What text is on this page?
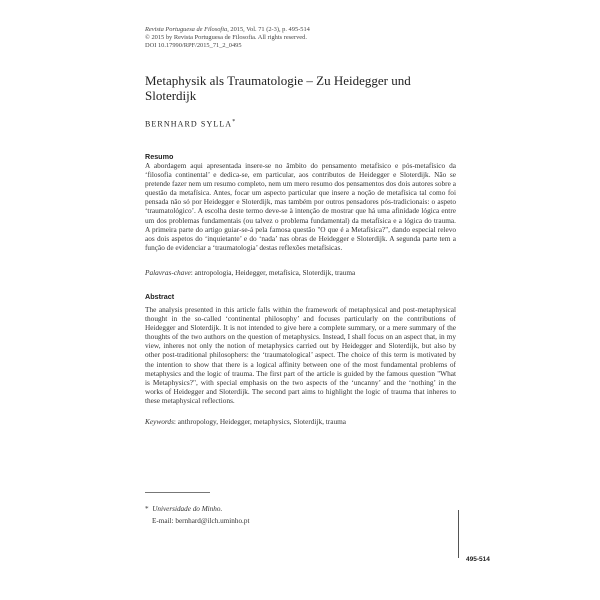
Revista Portuguesa de Filosofia, 2015, Vol. 71 (2-3), p. 495-514
© 2015 by Revista Portuguesa de Filosofia. All rights reserved.
DOI 10.17990/RPF/2015_71_2_0495
Metaphysik als Traumatologie – Zu Heidegger und Sloterdijk
BERNHARD SYLLA*
Resumo
A abordagem aqui apresentada insere-se no âmbito do pensamento metafísico e pós-metafísico da ‘filosofia continental’ e dedica-se, em particular, aos contributos de Heidegger e Sloterdijk. Não se pretende fazer nem um resumo completo, nem um mero resumo dos pensamentos dos dois autores sobre a questão da metafísica. Antes, focar um aspecto particular que insere a noção de metafísica tal como foi pensada não só por Heidegger e Sloterdijk, mas também por outros pensadores pós-tradicionais: o aspeto ‘traumatológico’. A escolha deste termo deve-se à intenção de mostrar que há uma afinidade lógica entre um dos problemas fundamentais (ou talvez o problema fundamental) da metafísica e a lógica do trauma. A primeira parte do artigo guiar-se-á pela famosa questão "O que é a Metafísica?", dando especial relevo aos dois aspetos do ‘inquietante’ e do ‘nada’ nas obras de Heidegger e Sloterdijk. A segunda parte tem a função de evidenciar a ‘traumatologia’ destas reflexões metafísicas.
Palavras-chave: antropologia, Heidegger, metafísica, Sloterdijk, trauma
Abstract
The analysis presented in this article falls within the framework of metaphysical and post-metaphysical thought in the so-called ‘continental philosophy’ and focuses particularly on the contributions of Heidegger and Sloterdijk. It is not intended to give here a complete summary, or a mere summary of the thoughts of the two authors on the question of metaphysics. Instead, I shall focus on an aspect that, in my view, inheres not only the notion of metaphysics carried out by Heidegger and Sloterdijk, but also by other post-traditional philosophers: the ‘traumatological’ aspect. The choice of this term is motivated by the intention to show that there is a logical affinity between one of the most fundamental problems of metaphysics and the logic of trauma. The first part of the article is guided by the famous question "What is Metaphysics?", with special emphasis on the two aspects of the ‘uncanny’ and the ‘nothing’ in the works of Heidegger and Sloterdijk. The second part aims to highlight the logic of trauma that inheres to these metaphysical reflections.
Keywords: anthropology, Heidegger, metaphysics, Sloterdijk, trauma
* Universidade do Minho.
E-mail: bernhard@ilch.uminho.pt
495-514
